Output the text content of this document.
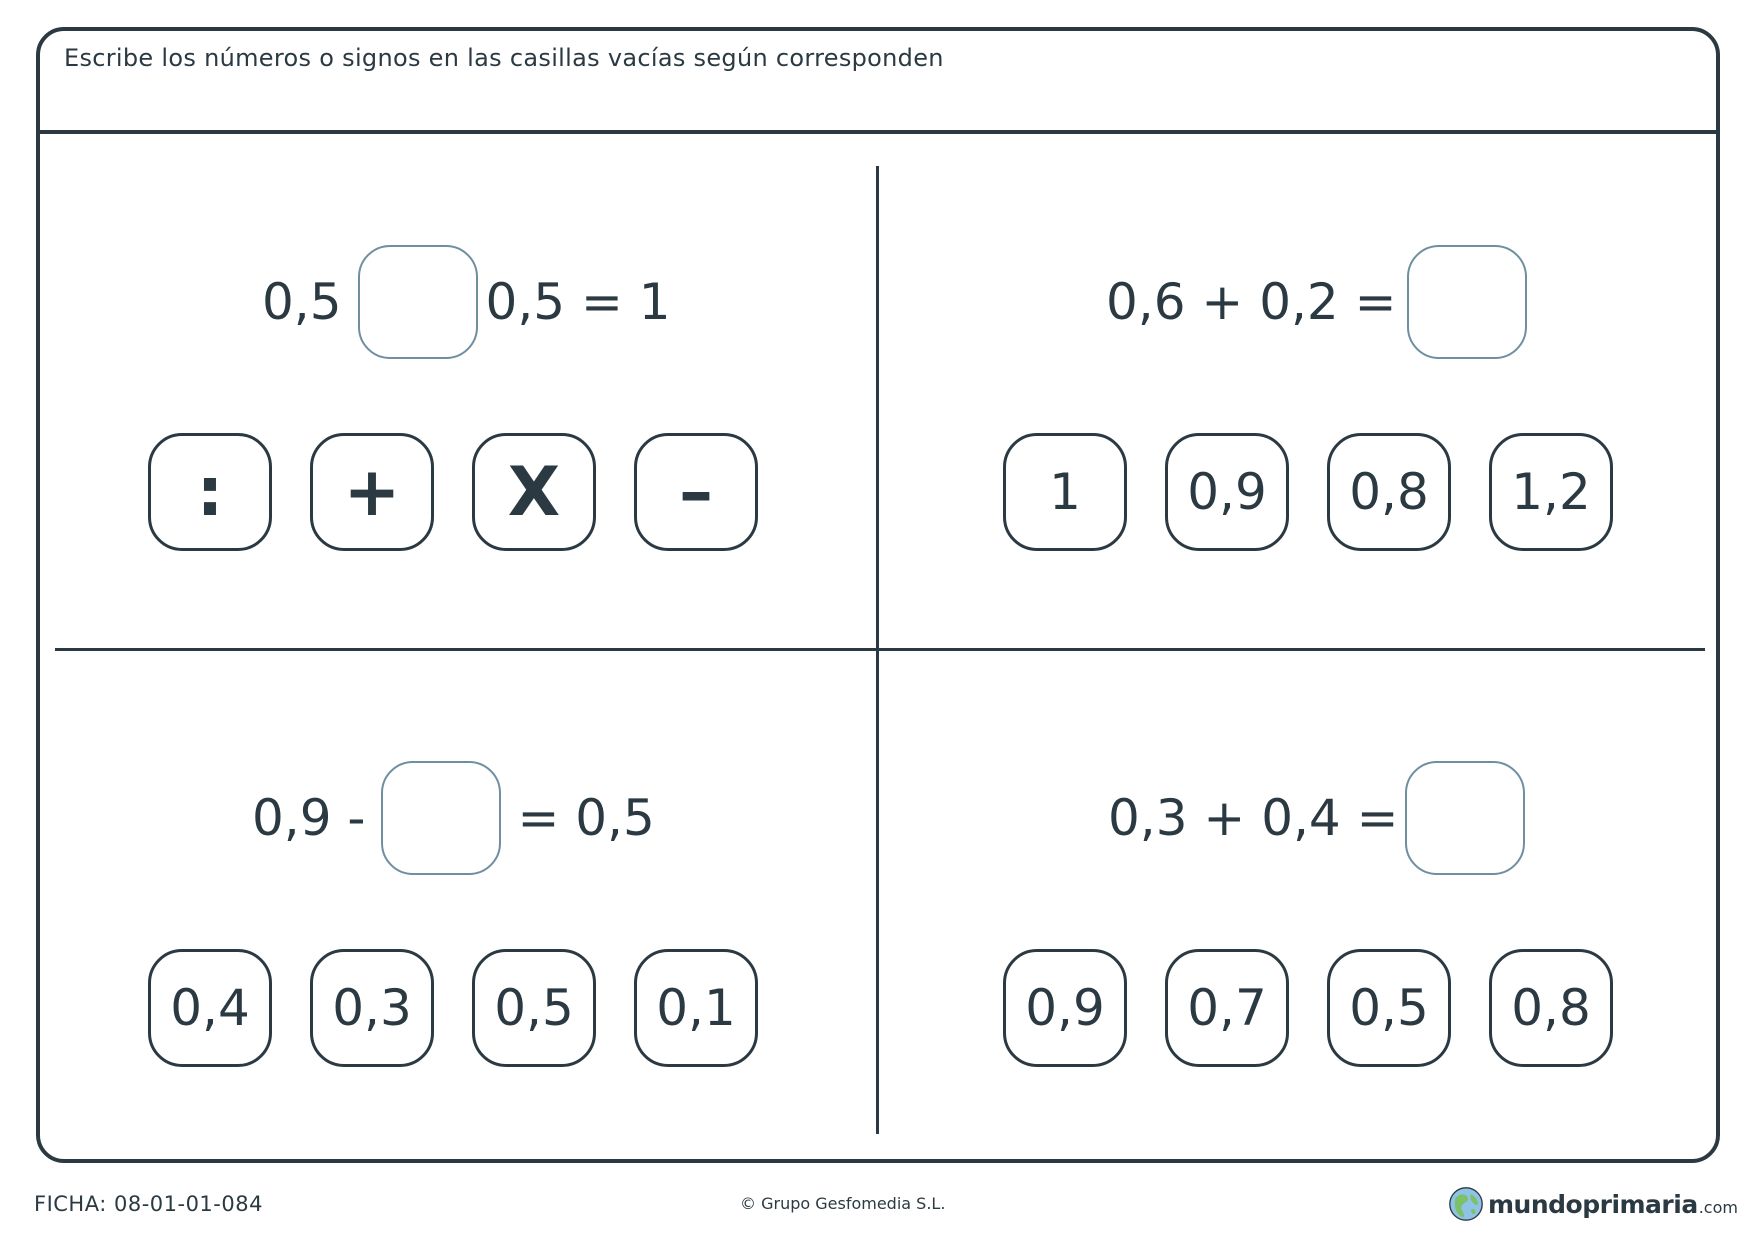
Escribe los números o signos en las casillas vacías según corresponden
0,5	0,5 = 1
:	+	X	–
0,6 + 0,2 =
1	0,9	0,8	1,2
0,9 -	= 0,5
0,4	0,3	0,5	0,1
0,3 + 0,4 =
0,9	0,7	0,5	0,8
FICHA: 08-01-01-084	© Grupo Gesfomedia S.L.	mundoprimaria .com
